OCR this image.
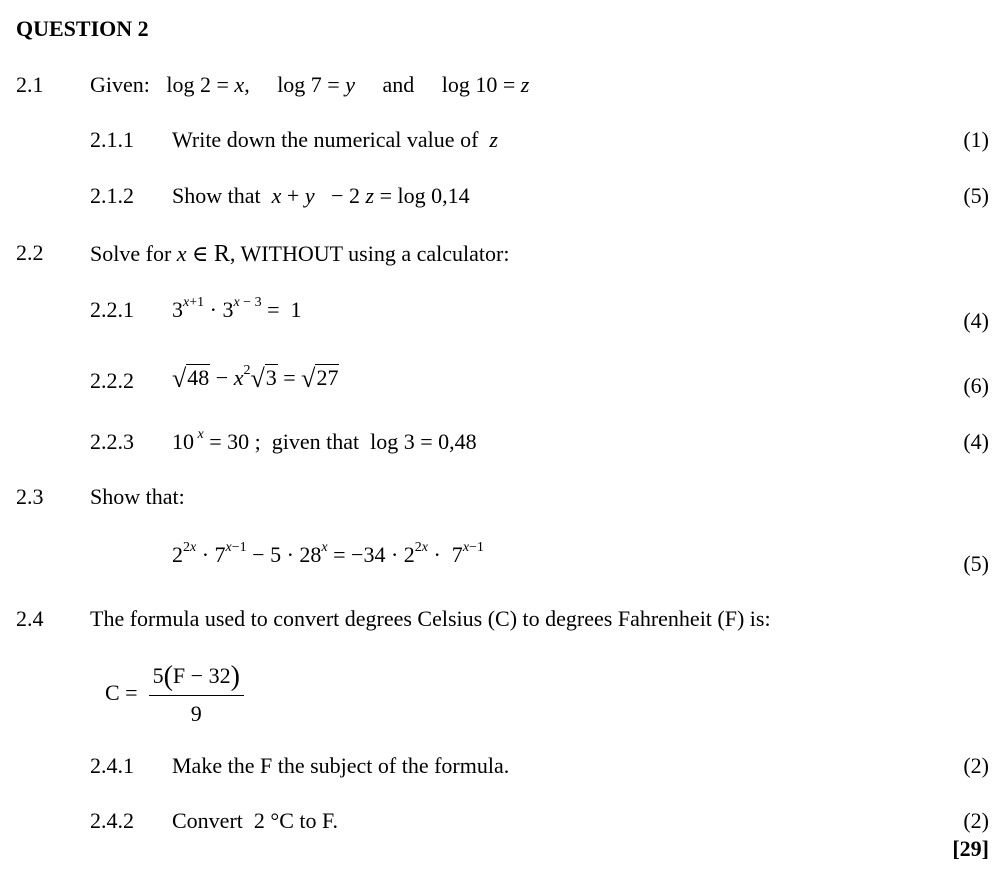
QUESTION 2
2.1 Given: log 2 = x, log 7 = y and log 10 = z
2.1.1 Write down the numerical value of z	(1)
2.1.2 Show that x + y   − 2 z = log 0,14	(5)
2.2 Solve for x ∈ R, WITHOUT using a calculator:
2.2.1 $3^{x+1} \cdot 3^{x - 3} = 1$	(4)
2.2.2 $√48 - x^2√3 = √27$	(6)
2.2.3 10 $^x$ = 30 ; given that log 3 = 0,48	(4)
2.3 Show that:
$2^{2x} \cdot 7^{x-1} - 5 \cdot 28^x = -34 \cdot 2^{2x} \cdot 7^{x-1}$
(5)
2.4 The formula used to convert degrees Celsius (C) to degrees Fahrenheit (F) is:
$C = \frac{5(F - 32)}{9}$
2.4.1 Make the F the subject of the formula.	(2)
2.4.2 Convert 2 °C to F.	(2)
[29]
